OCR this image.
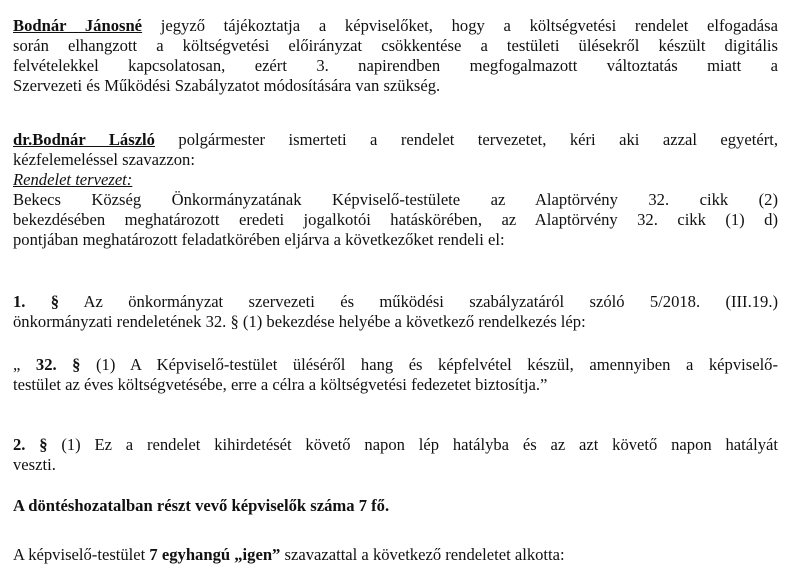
Bodnár Jánosné jegyző tájékoztatja a képviselőket, hogy a költségvetési rendelet elfogadása
során elhangzott a költségvetési előirányzat csökkentése a testületi ülésekről készült digitális
felvételekkel kapcsolatosan, ezért 3. napirendben megfogalmazott változtatás miatt a
Szervezeti és Működési Szabályzatot módosítására van szükség.
dr.Bodnár László polgármester ismerteti a rendelet tervezetet, kéri aki azzal egyetért,
kézfelemeléssel szavazzon:
Rendelet tervezet:
Bekecs Község Önkormányzatának Képviselő-testülete az Alaptörvény 32. cikk (2)
bekezdésében meghatározott eredeti jogalkotói hatáskörében, az Alaptörvény 32. cikk (1) d)
pontjában meghatározott feladatkörében eljárva a következőket rendeli el:
1. § Az önkormányzat szervezeti és működési szabályzatáról szóló 5/2018. (III.19.)
önkormányzati rendeletének 32. § (1) bekezdése helyébe a következő rendelkezés lép:
„ 32. § (1) A Képviselő-testület üléséről hang és képfelvétel készül, amennyiben a képviselő-
testület az éves költségvetésébe, erre a célra a költségvetési fedezetet biztosítja.”
2. § (1) Ez a rendelet kihirdetését követő napon lép hatályba és az azt követő napon hatályát
veszti.
A döntéshozatalban részt vevő képviselők száma 7 fő.
A képviselő-testület 7 egyhangú „igen” szavazattal a következő rendeletet alkotta:
